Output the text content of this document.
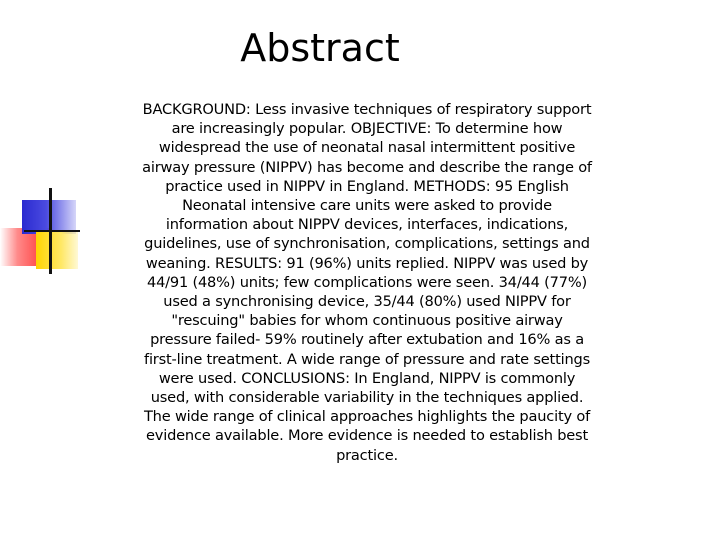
Abstract

BACKGROUND: Less invasive techniques of respiratory support are increasingly popular. OBJECTIVE: To determine how widespread the use of neonatal nasal intermittent positive airway pressure (NIPPV) has become and describe the range of practice used in NIPPV in England. METHODS: 95 English Neonatal intensive care units were asked to provide information about NIPPV devices, interfaces, indications, guidelines, use of synchronisation, complications, settings and weaning. RESULTS: 91 (96%) units replied. NIPPV was used by 44/91 (48%) units; few complications were seen. 34/44 (77%) used a synchronising device, 35/44 (80%) used NIPPV for "rescuing" babies for whom continuous positive airway pressure failed- 59% routinely after extubation and 16% as a first-line treatment. A wide range of pressure and rate settings were used. CONCLUSIONS: In England, NIPPV is commonly used, with considerable variability in the techniques applied. The wide range of clinical approaches highlights the paucity of evidence available. More evidence is needed to establish best practice.
